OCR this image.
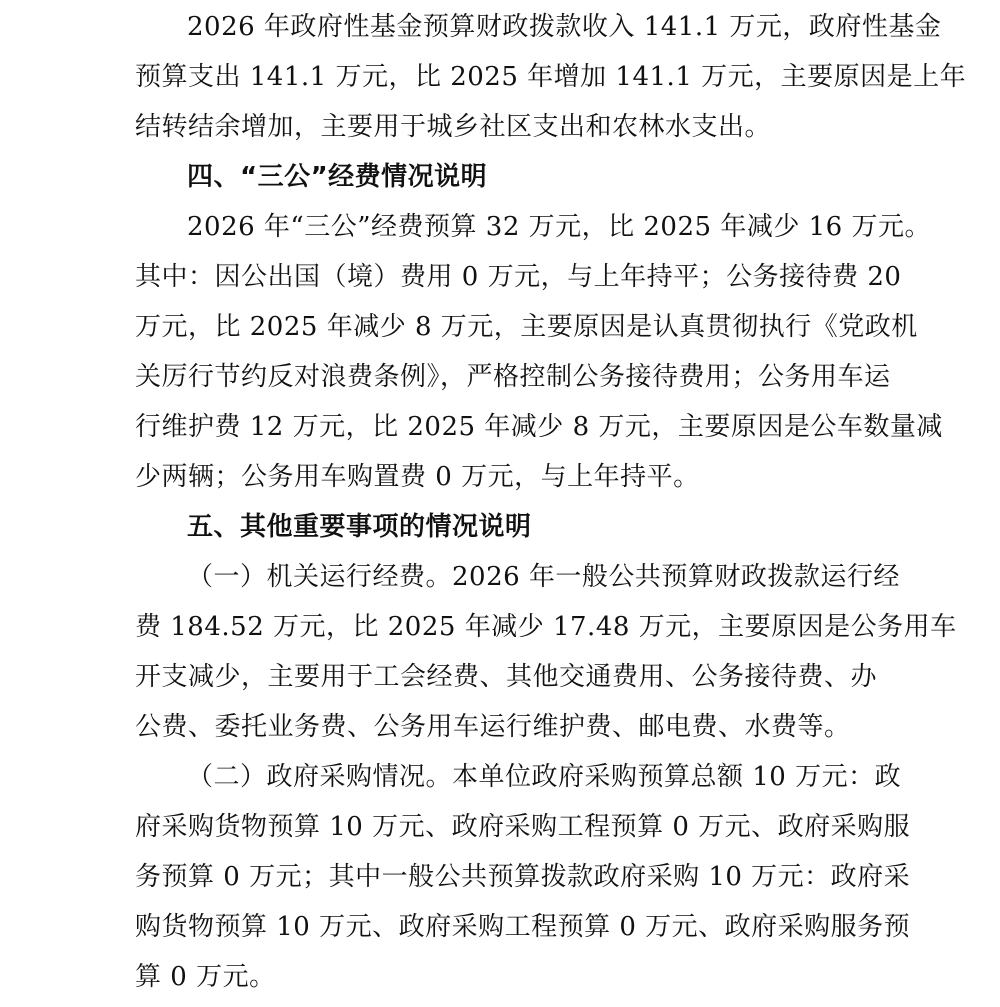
2026 年政府性基金预算财政拨款收入 141.1 万元，政府性基金
预算支出 141.1 万元，比 2025 年增加 141.1 万元，主要原因是上年
结转结余增加，主要用于城乡社区支出和农林水支出。
四、“三公”经费情况说明
2026 年“三公”经费预算 32 万元，比 2025 年减少 16 万元。
其中：因公出国（境）费用 0 万元，与上年持平；公务接待费 20
万元，比 2025 年减少 8 万元，主要原因是认真贯彻执行《党政机
关厉行节约反对浪费条例》，严格控制公务接待费用；公务用车运
行维护费 12 万元，比 2025 年减少 8 万元，主要原因是公车数量减
少两辆；公务用车购置费 0 万元，与上年持平。
五、其他重要事项的情况说明
（一）机关运行经费。2026 年一般公共预算财政拨款运行经
费 184.52 万元，比 2025 年减少 17.48 万元，主要原因是公务用车
开支减少，主要用于工会经费、其他交通费用、公务接待费、办
公费、委托业务费、公务用车运行维护费、邮电费、水费等。
（二）政府采购情况。本单位政府采购预算总额 10 万元：政
府采购货物预算 10 万元、政府采购工程预算 0 万元、政府采购服
务预算 0 万元；其中一般公共预算拨款政府采购 10 万元：政府采
购货物预算 10 万元、政府采购工程预算 0 万元、政府采购服务预
算 0 万元。
